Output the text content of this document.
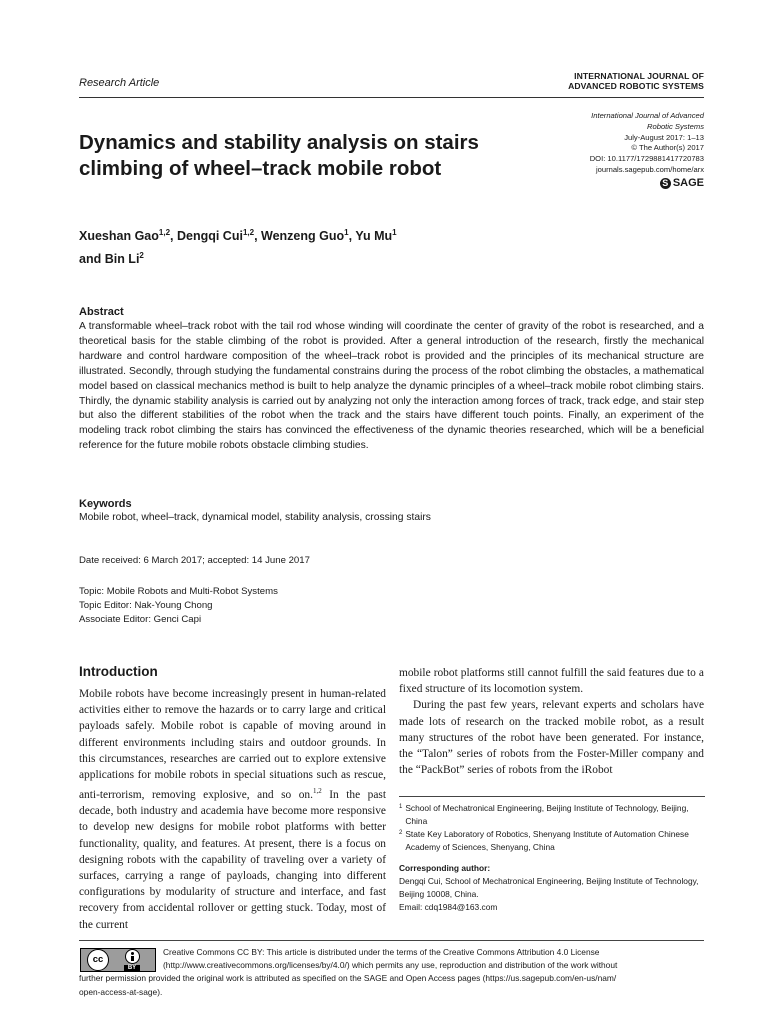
Research Article
INTERNATIONAL JOURNAL OF
ADVANCED ROBOTIC SYSTEMS
International Journal of Advanced
Robotic Systems
July-August 2017: 1–13
© The Author(s) 2017
DOI: 10.1177/1729881417720783
journals.sagepub.com/home/arx
S SAGE
Dynamics and stability analysis on stairs climbing of wheel–track mobile robot
Xueshan Gao$^{1,2}$, Dengqi Cui$^{1,2}$, Wenzeng Guo$^1$, Yu Mu$^1$
and Bin Li$^2$
Abstract

A transformable wheel–track robot with the tail rod whose winding will coordinate the center of gravity of the robot is researched, and a theoretical basis for the stable climbing of the robot is provided. After a general introduction of the research, firstly the mechanical hardware and control hardware composition of the wheel–track robot is provided and the principles of its mechanical structure are illustrated. Secondly, through studying the fundamental constrains during the process of the robot climbing the obstacles, a mathematical model based on classical mechanics method is built to help analyze the dynamic principles of a wheel–track mobile robot climbing stairs. Thirdly, the dynamic stability analysis is carried out by analyzing not only the interaction among forces of track, track edge, and stair step but also the different stabilities of the robot when the track and the stairs have different touch points. Finally, an experiment of the modeling track robot climbing the stairs has convinced the effectiveness of the dynamic theories researched, which will be a beneficial reference for the future mobile robots obstacle climbing studies.

Keywords

Mobile robot, wheel–track, dynamical model, stability analysis, crossing stairs

Date received: 6 March 2017; accepted: 14 June 2017
Topic: Mobile Robots and Multi-Robot Systems
Topic Editor: Nak-Young Chong
Associate Editor: Genci Capi
Introduction

Mobile robots have become increasingly present in human-related activities either to remove the hazards or to carry large and critical payloads safely. Mobile robot is capable of moving around in different environments including stairs and outdoor grounds. In this circumstances, researches are carried out to explore extensive applications for mobile robots in special situations such as rescue, anti-terrorism, removing explosive, and so on.$^{1,2}$ In the past decade, both industry and academia have become more responsive to develop new designs for mobile robot platforms with better functionality, quality, and features. At present, there is a focus on designing robots with the capability of traveling over a variety of surfaces, carrying a range of payloads, changing into different configurations by modularity of structure and interface, and fast recovery from accidental rollover or getting stuck. Today, most of the current

mobile robot platforms still cannot fulfill the said features due to a fixed structure of its locomotion system.

During the past few years, relevant experts and scholars have made lots of research on the tracked mobile robot, as a result many structures of the robot have been generated. For instance, the “Talon” series of robots from the Foster-Miller company and the “PackBot” series of robots from the iRobot

1 School of Mechatronical Engineering, Beijing Institute of Technology, Beijing, China
2 State Key Laboratory of Robotics, Shenyang Institute of Automation Chinese Academy of Sciences, Shenyang, China
Corresponding author:
Dengqi Cui, School of Mechatronical Engineering, Beijing Institute of Technology, Beijing 10008, China.
Email: cdq1984@163.com
cc
BY
Creative Commons CC BY: This article is distributed under the terms of the Creative Commons Attribution 4.0 License
(http://www.creativecommons.org/licenses/by/4.0/) which permits any use, reproduction and distribution of the work without
further permission provided the original work is attributed as specified on the SAGE and Open Access pages (https://us.sagepub.com/en-us/nam/
open-access-at-sage).
